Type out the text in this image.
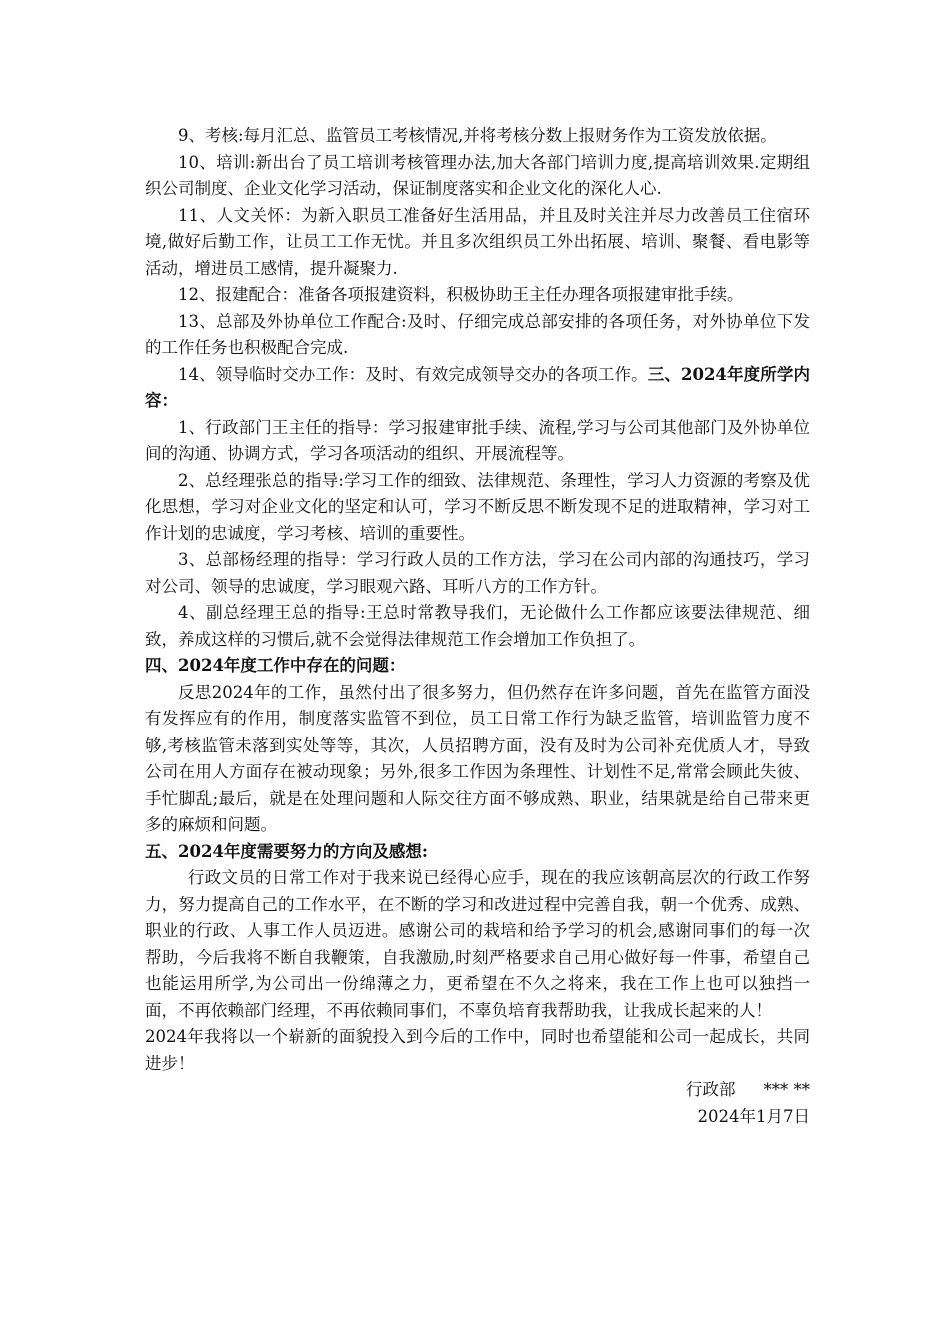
9、考核:每月汇总、监管员工考核情况,并将考核分数上报财务作为工资发放依据。

10、培训:新出台了员工培训考核管理办法,加大各部门培训力度,提高培训效果.定期组织公司制度、企业文化学习活动，保证制度落实和企业文化的深化人心.

11、人文关怀：为新入职员工准备好生活用品，并且及时关注并尽力改善员工住宿环境,做好后勤工作，让员工工作无忧。并且多次组织员工外出拓展、培训、聚餐、看电影等活动，增进员工感情，提升凝聚力.

12、报建配合：准备各项报建资料，积极协助王主任办理各项报建审批手续。

13、总部及外协单位工作配合:及时、仔细完成总部安排的各项任务，对外协单位下发的工作任务也积极配合完成.

14、领导临时交办工作：及时、有效完成领导交办的各项工作。三、2024年度所学内容：

1、行政部门王主任的指导：学习报建审批手续、流程,学习与公司其他部门及外协单位间的沟通、协调方式，学习各项活动的组织、开展流程等。

2、总经理张总的指导:学习工作的细致、法律规范、条理性，学习人力资源的考察及优化思想，学习对企业文化的坚定和认可，学习不断反思不断发现不足的进取精神，学习对工作计划的忠诚度，学习考核、培训的重要性。

3、总部杨经理的指导：学习行政人员的工作方法，学习在公司内部的沟通技巧，学习对公司、领导的忠诚度，学习眼观六路、耳听八方的工作方针。

4、副总经理王总的指导:王总时常教导我们，无论做什么工作都应该要法律规范、细致，养成这样的习惯后,就不会觉得法律规范工作会增加工作负担了。

四、2024年度工作中存在的问题：

反思2024年的工作，虽然付出了很多努力，但仍然存在许多问题，首先在监管方面没有发挥应有的作用，制度落实监管不到位，员工日常工作行为缺乏监管，培训监管力度不够,考核监管未落到实处等等，其次，人员招聘方面，没有及时为公司补充优质人才，导致公司在用人方面存在被动现象；另外,很多工作因为条理性、计划性不足,常常会顾此失彼、手忙脚乱;最后，就是在处理问题和人际交往方面不够成熟、职业，结果就是给自己带来更多的麻烦和问题。

五、2024年度需要努力的方向及感想:

行政文员的日常工作对于我来说已经得心应手，现在的我应该朝高层次的行政工作努力，努力提高自己的工作水平，在不断的学习和改进过程中完善自我，朝一个优秀、成熟、职业的行政、人事工作人员迈进。感谢公司的栽培和给予学习的机会,感谢同事们的每一次帮助，今后我将不断自我鞭策，自我激励,时刻严格要求自己用心做好每一件事，希望自己也能运用所学,为公司出一份绵薄之力，更希望在不久之将来，我在工作上也可以独挡一面，不再依赖部门经理，不再依赖同事们，不辜负培育我帮助我，让我成长起来的人！

2024年我将以一个崭新的面貌投入到今后的工作中，同时也希望能和公司一起成长，共同进步！

行政部 *** **

2024年1月7日
